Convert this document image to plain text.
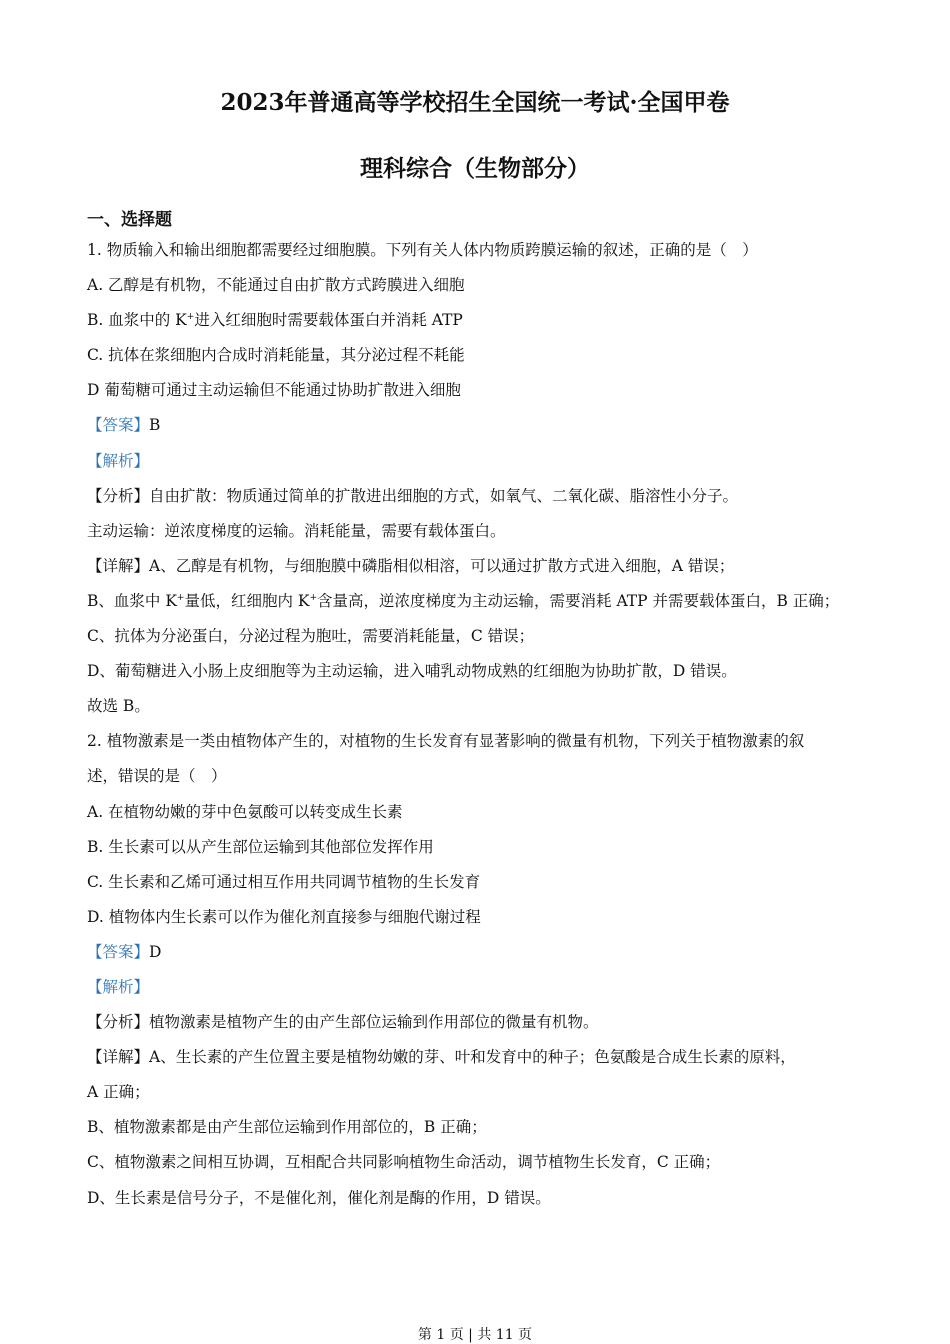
2023年普通高等学校招生全国统一考试·全国甲卷
理科综合（生物部分）
一、选择题
1. 物质输入和输出细胞都需要经过细胞膜。下列有关人体内物质跨膜运输的叙述，正确的是（　）
A. 乙醇是有机物，不能通过自由扩散方式跨膜进入细胞
B. 血浆中的 K+进入红细胞时需要载体蛋白并消耗 ATP
C. 抗体在浆细胞内合成时消耗能量，其分泌过程不耗能
D 葡萄糖可通过主动运输但不能通过协助扩散进入细胞
【答案】B
【解析】
【分析】自由扩散：物质通过简单的扩散进出细胞的方式，如氧气、二氧化碳、脂溶性小分子。
主动运输：逆浓度梯度的运输。消耗能量，需要有载体蛋白。
【详解】A、乙醇是有机物，与细胞膜中磷脂相似相溶，可以通过扩散方式进入细胞，A 错误；
B、血浆中 K+量低，红细胞内 K+含量高，逆浓度梯度为主动运输，需要消耗 ATP 并需要载体蛋白，B 正确；
C、抗体为分泌蛋白，分泌过程为胞吐，需要消耗能量，C 错误；
D、葡萄糖进入小肠上皮细胞等为主动运输，进入哺乳动物成熟的红细胞为协助扩散，D 错误。
故选 B。
2. 植物激素是一类由植物体产生的，对植物的生长发育有显著影响的微量有机物，下列关于植物激素的叙
述，错误的是（　）
A. 在植物幼嫩的芽中色氨酸可以转变成生长素
B. 生长素可以从产生部位运输到其他部位发挥作用
C. 生长素和乙烯可通过相互作用共同调节植物的生长发育
D. 植物体内生长素可以作为催化剂直接参与细胞代谢过程
【答案】D
【解析】
【分析】植物激素是植物产生的由产生部位运输到作用部位的微量有机物。
【详解】A、生长素的产生位置主要是植物幼嫩的芽、叶和发育中的种子；色氨酸是合成生长素的原料，
A 正确；
B、植物激素都是由产生部位运输到作用部位的，B 正确；
C、植物激素之间相互协调，互相配合共同影响植物生命活动，调节植物生长发育，C 正确；
D、生长素是信号分子，不是催化剂，催化剂是酶的作用，D 错误。
第 1 页 | 共 11 页
